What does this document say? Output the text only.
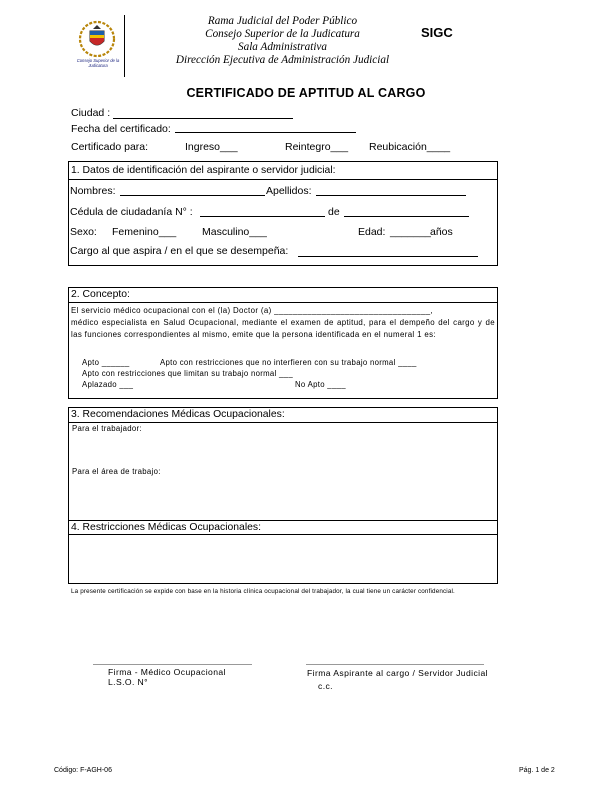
Consejo Superior de la Judicatura
Rama Judicial del Poder Público
Consejo Superior de la Judicatura
Sala Administrativa
Dirección Ejecutiva de Administración Judicial
SIGC
CERTIFICADO DE APTITUD AL CARGO
Ciudad :
Fecha del certificado:
Certificado para:	Ingreso___	Reintegro___ Reubicación____
1. Datos de identificación del aspirante o servidor judicial:
Nombres:	Apellidos:
Cédula de ciudadanía N° :	de
Sexo: Femenino___ Masculino___	Edad: _______ años
Cargo al que aspira / en el que se desempeña:
2. Concepto:
El servicio médico ocupacional con el (la) Doctor (a) _________________________________,
médico especialista en Salud Ocupacional, mediante el examen de aptitud, para el dempeño del cargo y de las funciones correspondientes al mismo, emite que la persona identificada en el numeral 1 es:
Apto ______	Apto con restricciones que no interfieren con su trabajo normal ____
Apto con restricciones que limitan su trabajo normal ___
Aplazado ___	No Apto ____
3. Recomendaciones Médicas Ocupacionales:
Para el trabajador:
Para el área de trabajo:
4. Restricciones Médicas Ocupacionales:
La presente certificación se expide con base en la historia clínica ocupacional del trabajador, la cual tiene un carácter confidencial.
Firma - Médico Ocupacional
L.S.O. N°
Firma Aspirante al cargo / Servidor Judicial
c.c.
Código: F-AGH-06	Pág. 1 de 2
